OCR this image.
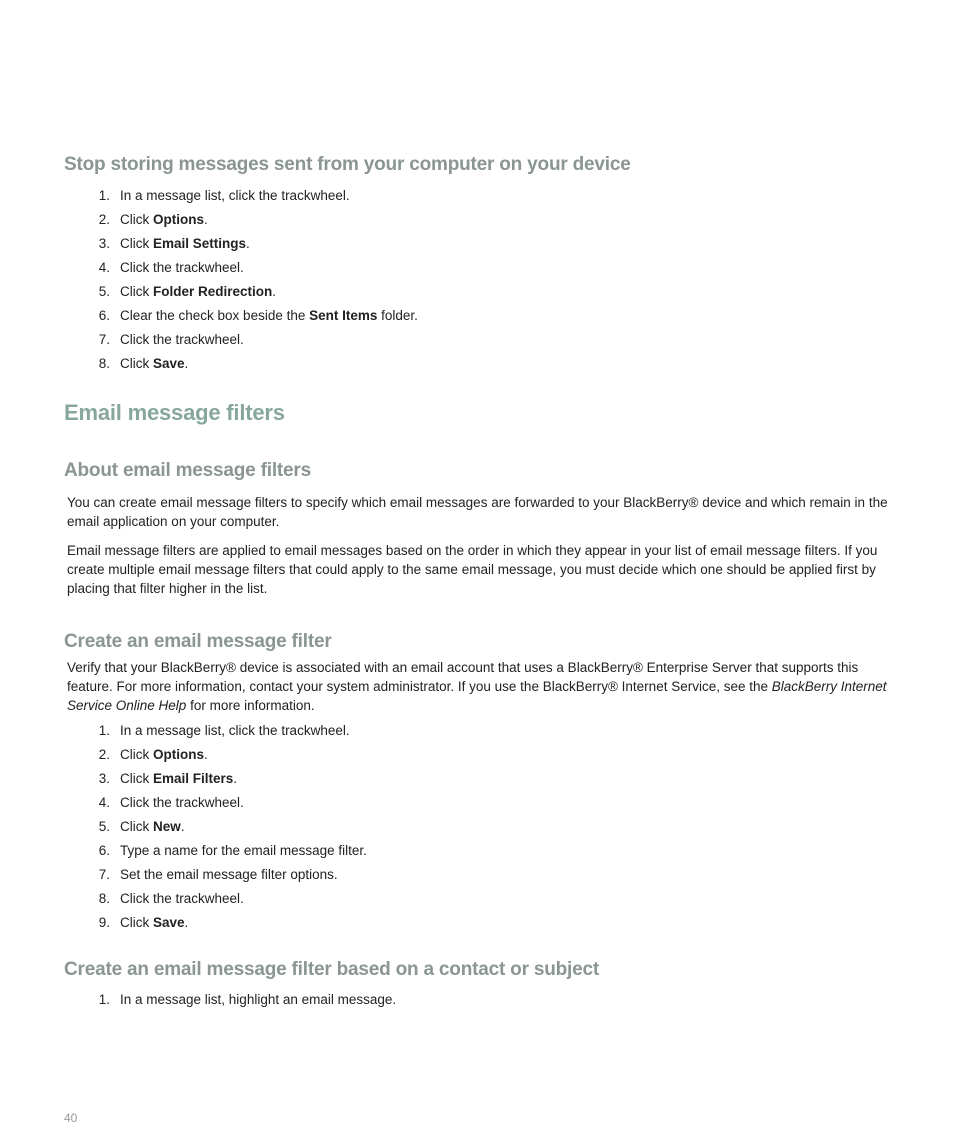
Stop storing messages sent from your computer on your device
1. In a message list, click the trackwheel.
2. Click Options.
3. Click Email Settings.
4. Click the trackwheel.
5. Click Folder Redirection.
6. Clear the check box beside the Sent Items folder.
7. Click the trackwheel.
8. Click Save.
Email message filters
About email message filters

You can create email message filters to specify which email messages are forwarded to your BlackBerry® device and which remain in the email application on your computer.

Email message filters are applied to email messages based on the order in which they appear in your list of email message filters. If you create multiple email message filters that could apply to the same email message, you must decide which one should be applied first by placing that filter higher in the list.

Create an email message filter

Verify that your BlackBerry® device is associated with an email account that uses a BlackBerry® Enterprise Server that supports this feature. For more information, contact your system administrator. If you use the BlackBerry® Internet Service, see the BlackBerry Internet Service Online Help for more information.

1. In a message list, click the trackwheel.
2. Click Options.
3. Click Email Filters.
4. Click the trackwheel.
5. Click New.
6. Type a name for the email message filter.
7. Set the email message filter options.
8. Click the trackwheel.
9. Click Save.
Create an email message filter based on a contact or subject
1. In a message list, highlight an email message.

40
